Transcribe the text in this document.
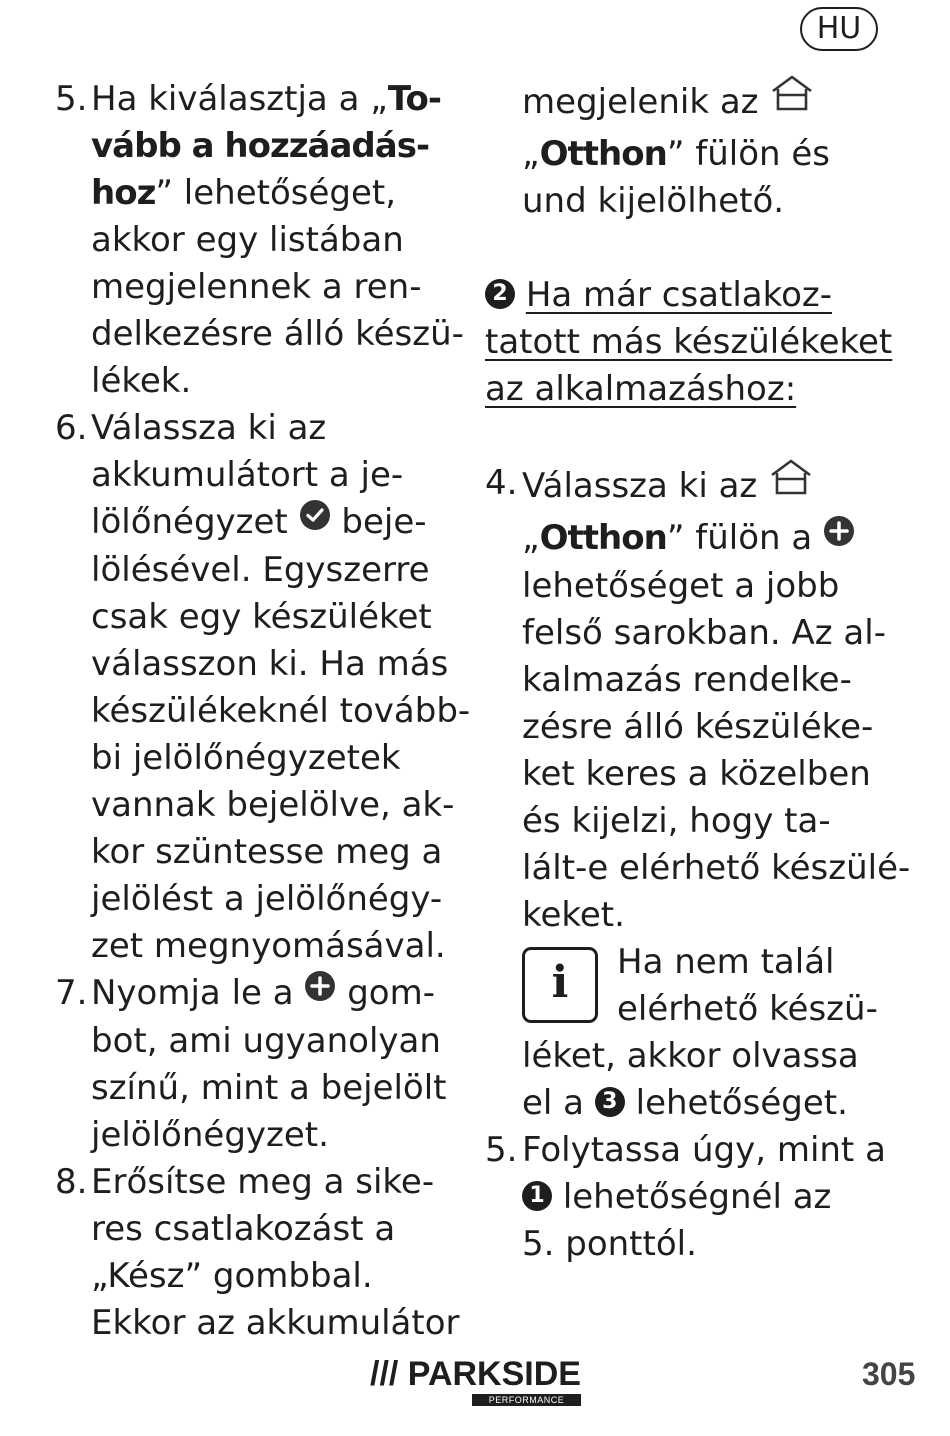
HU
5. Ha kiválasztja a „To-
vább a hozzáadás-
hoz” lehetőséget,
akkor egy listában
megjelennek a ren-
delkezésre álló készü-
lékek.
6. Válassza ki az
akkumulátort a je-
lölőnégyzet beje-
lölésével. Egyszerre
csak egy készüléket
válasszon ki. Ha más
készülékeknél tovább-
bi jelölőnégyzetek
vannak bejelölve, ak-
kor szüntesse meg a
jelölést a jelölőnégy-
zet megnyomásával.
7. Nyomja le a gom-
bot, ami ugyanolyan
színű, mint a bejelölt
jelölőnégyzet.
8. Erősítse meg a sike-
res csatlakozást a
„Kész” gombbal.
Ekkor az akkumulátor
megjelenik az
„Otthon” fülön és
und kijelölhető.
2 Ha már csatlakoz-
tatott más készülékeket
az alkalmazáshoz:
4. Válassza ki az
„Otthon” fülön a
lehetőséget a jobb
felső sarokban. Az al-
kalmazás rendelke-
zésre álló készüléke-
ket keres a közelben
és kijelzi, hogy ta-
lált-e elérhető készülé-
keket.
i	Ha nem talál
elérhető készü-
léket, akkor olvassa
el a 3 lehetőséget.
5. Folytassa úgy, mint a
1 lehetőségnél az
5. ponttól.
/// PARKSIDE
PERFORMANCE
305
